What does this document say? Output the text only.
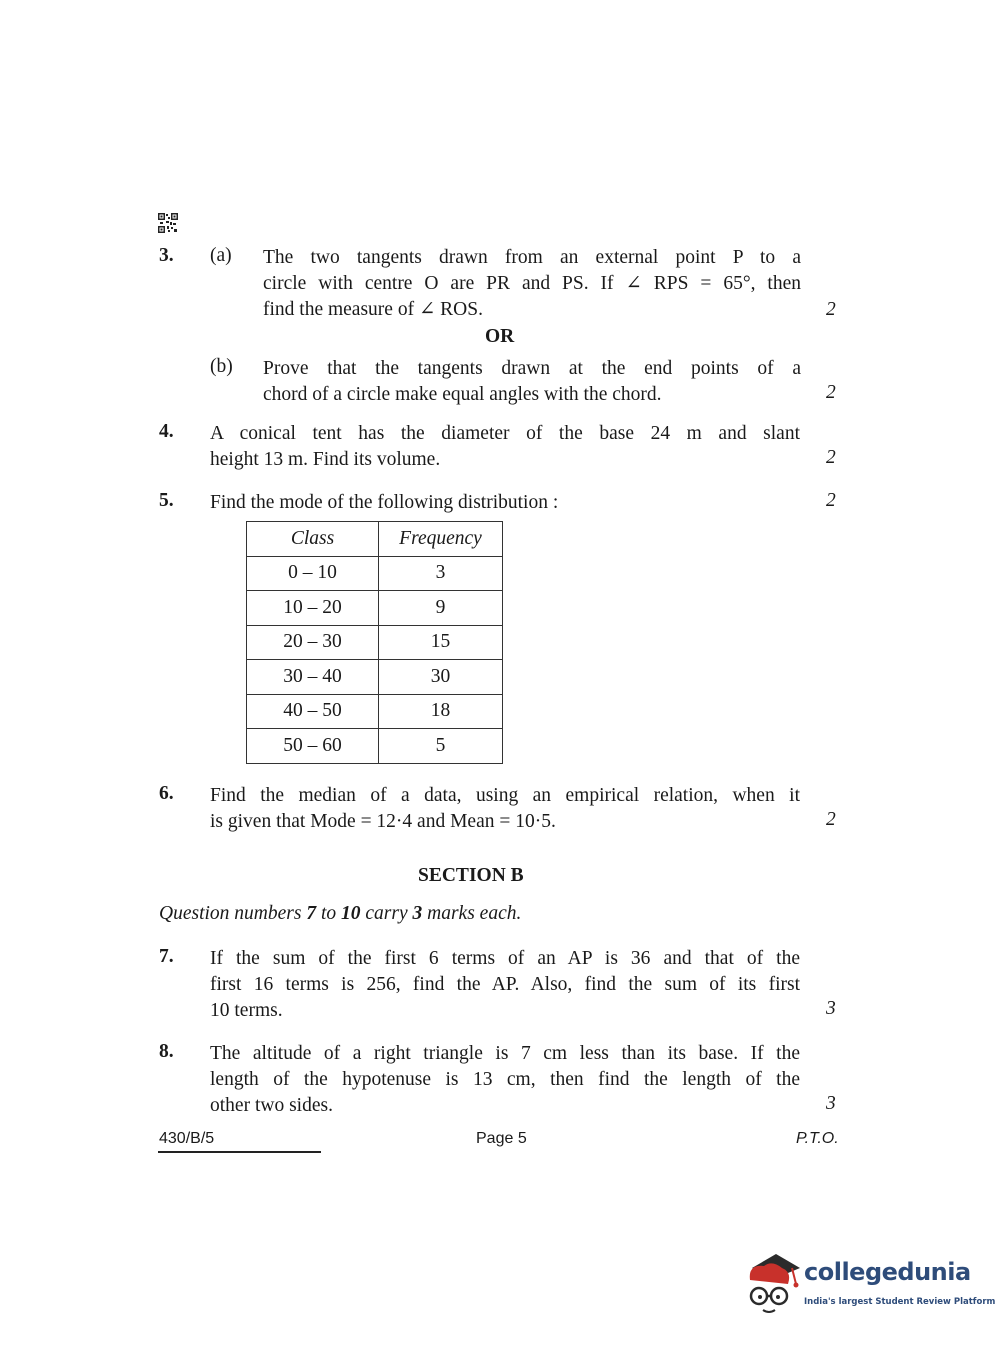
3. (a) The two tangents drawn from an external point P to a
circle with centre O are PR and PS. If ∠ RPS = 65°, then
find the measure of ∠ ROS.	2
OR
(b) Prove that the tangents drawn at the end points of a
chord of a circle make equal angles with the chord.	2
4. A conical tent has the diameter of the base 24 m and slant
height 13 m. Find its volume.	2
5. Find the mode of the following distribution :	2
Class	Frequency
0 – 10	3
10 – 20	9
20 – 30	15
30 – 40	30
40 – 50	18
50 – 60	5
6. Find the median of a data, using an empirical relation, when it
is given that Mode = 12·4 and Mean = 10·5.	2
SECTION B
Question numbers 7 to 10 carry 3 marks each.
7. If the sum of the first 6 terms of an AP is 36 and that of the
first 16 terms is 256, find the AP. Also, find the sum of its first
10 terms.	3
8. The altitude of a right triangle is 7 cm less than its base. If the
length of the hypotenuse is 13 cm, then find the length of the
other two sides.	3
430/B/5	Page 5	P.T.O.
collegedunia
India's largest Student Review Platform
